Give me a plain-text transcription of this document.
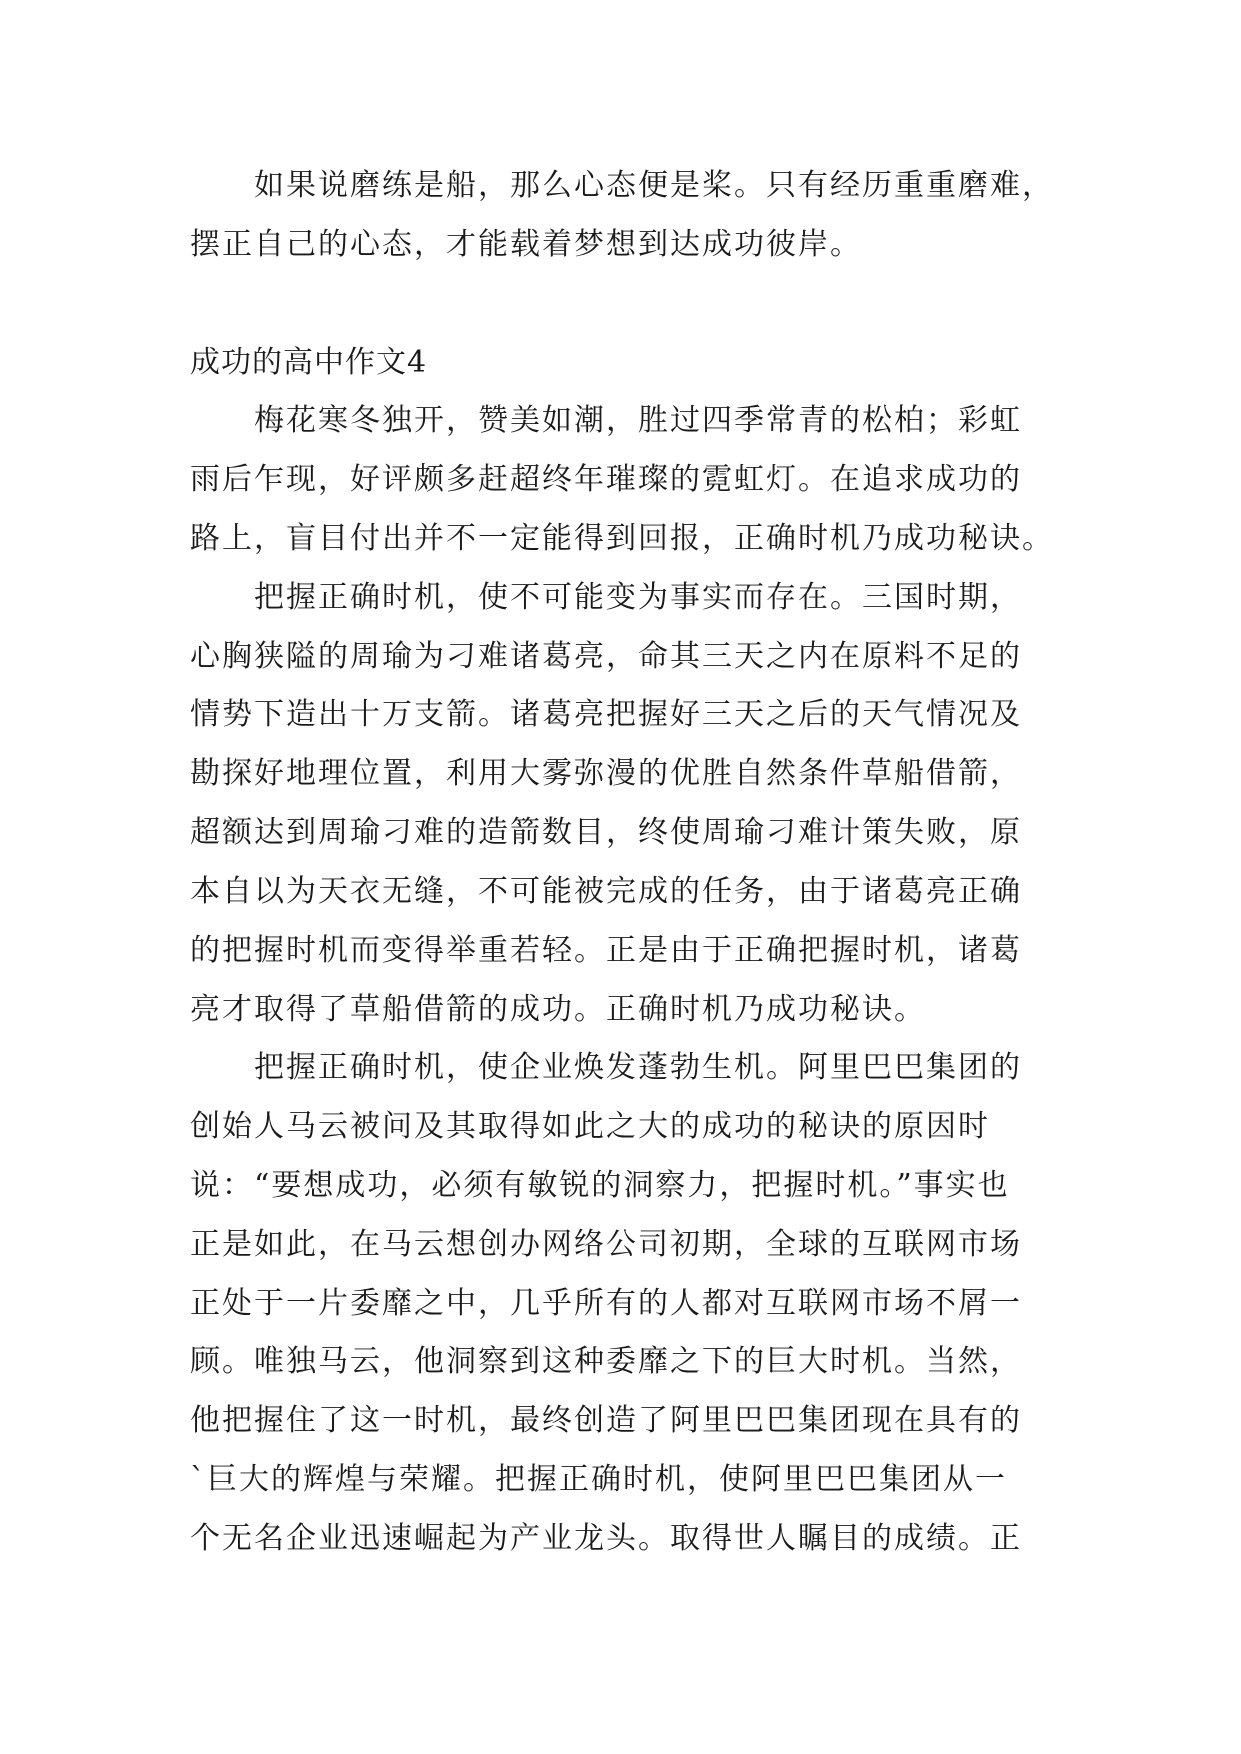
　　如果说磨练是船，那么心态便是桨。只有经历重重磨难，
摆正自己的心态，才能载着梦想到达成功彼岸。
成功的高中作文4
　　梅花寒冬独开，赞美如潮，胜过四季常青的松柏；彩虹
雨后乍现，好评颇多赶超终年璀璨的霓虹灯。在追求成功的
路上，盲目付出并不一定能得到回报，正确时机乃成功秘诀。
　　把握正确时机，使不可能变为事实而存在。三国时期，
心胸狭隘的周瑜为刁难诸葛亮，命其三天之内在原料不足的
情势下造出十万支箭。诸葛亮把握好三天之后的天气情况及
勘探好地理位置，利用大雾弥漫的优胜自然条件草船借箭，
超额达到周瑜刁难的造箭数目，终使周瑜刁难计策失败，原
本自以为天衣无缝，不可能被完成的任务，由于诸葛亮正确
的把握时机而变得举重若轻。正是由于正确把握时机，诸葛
亮才取得了草船借箭的成功。正确时机乃成功秘诀。
　　把握正确时机，使企业焕发蓬勃生机。阿里巴巴集团的
创始人马云被问及其取得如此之大的成功的秘诀的原因时
说：“要想成功，必须有敏锐的洞察力，把握时机。”事实也
正是如此，在马云想创办网络公司初期，全球的互联网市场
正处于一片委靡之中，几乎所有的人都对互联网市场不屑一
顾。唯独马云，他洞察到这种委靡之下的巨大时机。当然，
他把握住了这一时机，最终创造了阿里巴巴集团现在具有的
`巨大的辉煌与荣耀。把握正确时机，使阿里巴巴集团从一
个无名企业迅速崛起为产业龙头。取得世人瞩目的成绩。正
